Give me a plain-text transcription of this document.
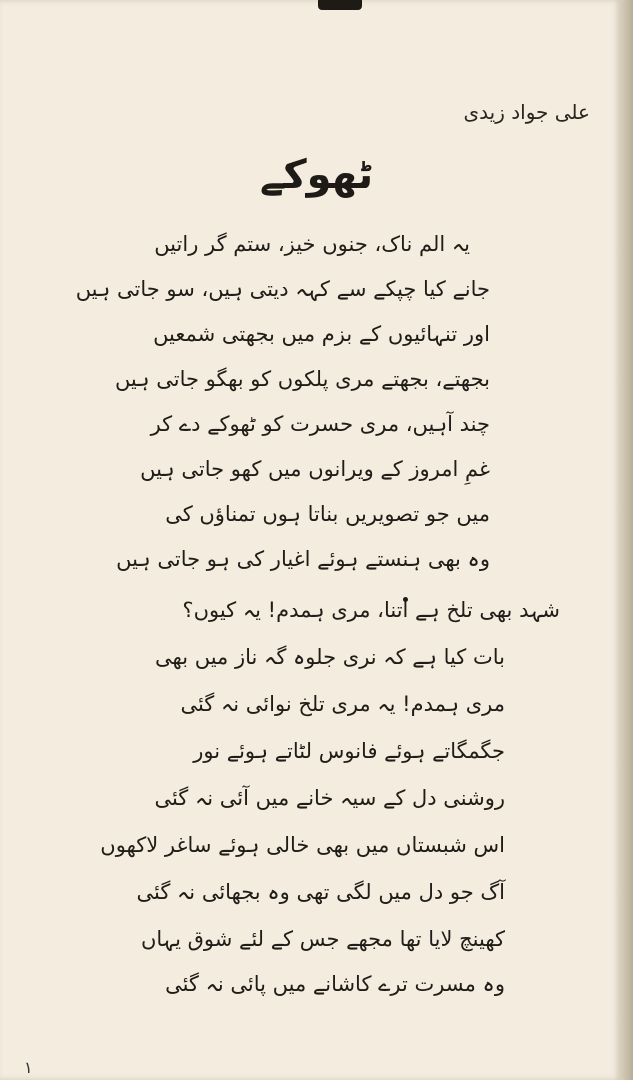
علی جواد زیدی
ٹھوکے
یہ الم ناک، جنوں خیز، ستم گر راتیں
جانے کیا چپکے سے کہہ دیتی ہیں، سو جاتی ہیں
اور تنہائیوں کے بزم میں بجھتی شمعیں
بجھتے، بجھتے مری پلکوں کو بھگو جاتی ہیں
چند آہیں، مری حسرت کو ٹھوکے دے کر
غمِ امروز کے ویرانوں میں کھو جاتی ہیں
میں جو تصویریں بناتا ہوں تمناؤں کی
وہ بھی ہنستے ہوئے اغیار کی ہو جاتی ہیں
شہد بھی تلخ ہے اتنا، مری ہمدم! یہ کیوں؟
بات کیا ہے کہ نری جلوہ گہ ناز میں بھی
مری ہمدم! یہ مری تلخ نوائی نہ گئی
جگمگاتے ہوئے فانوس لٹاتے ہوئے نور
روشنی دل کے سیہ خانے میں آئی نہ گئی
اس شبستاں میں بھی خالی ہوئے ساغر لاکھوں
آگ جو دل میں لگی تھی وہ بجھائی نہ گئی
کھینچ لایا تھا مجھے جس کے لئے شوق یہاں
وہ مسرت ترے کاشانے میں پائی نہ گئی
۱
